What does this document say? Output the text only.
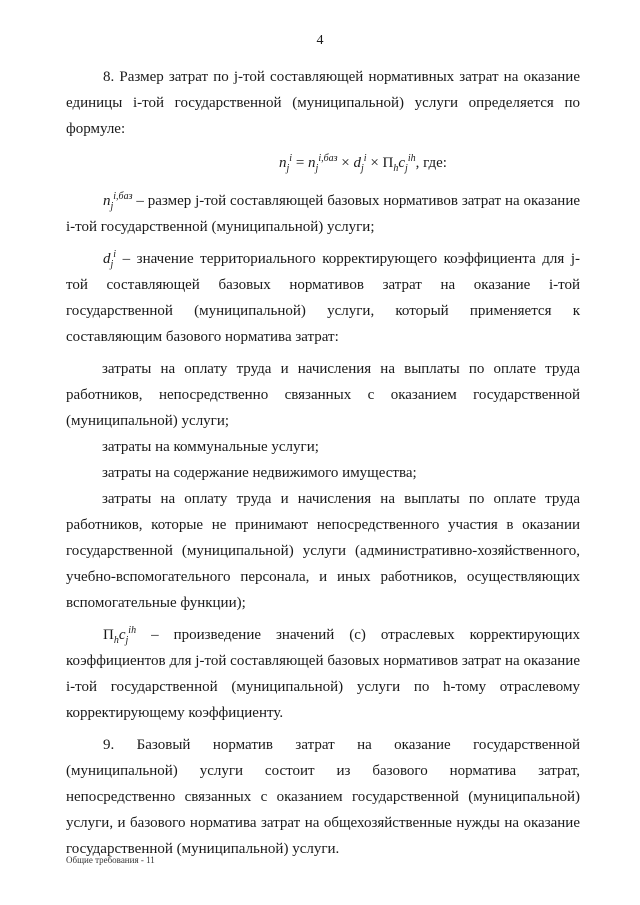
4

8. Размер затрат по j-той составляющей нормативных затрат на оказание единицы i-той государственной (муниципальной) услуги определяется по формуле:

$n_j^i = n_j^{i,баз} \times d_j^i \times П_hc_j^{ih}$, где:

$n_j^{i,баз}$ – размер j-той составляющей базовых нормативов затрат на оказание i-той государственной (муниципальной) услуги;

$d_j^i$ – значение территориального корректирующего коэффициента для j-той составляющей базовых нормативов затрат на оказание i-той государственной (муниципальной) услуги, который применяется к составляющим базового норматива затрат:

затраты на оплату труда и начисления на выплаты по оплате труда работников, непосредственно связанных с оказанием государственной (муниципальной) услуги;

затраты на коммунальные услуги;

затраты на содержание недвижимого имущества;

затраты на оплату труда и начисления на выплаты по оплате труда работников, которые не принимают непосредственного участия в оказании государственной (муниципальной) услуги (административно-хозяйственного, учебно-вспомогательного персонала, и иных работников, осуществляющих вспомогательные функции);

$П_hc_j^{ih}$ – произведение значений (с) отраслевых корректирующих коэффициентов для j-той составляющей базовых нормативов затрат на оказание i-той государственной (муниципальной) услуги по h-тому отраслевому корректирующему коэффициенту.

9. Базовый норматив затрат на оказание государственной (муниципальной) услуги состоит из базового норматива затрат, непосредственно связанных с оказанием государственной (муниципальной) услуги, и базового норматива затрат на общехозяйственные нужды на оказание государственной (муниципальной) услуги.

Общие требования - 11
